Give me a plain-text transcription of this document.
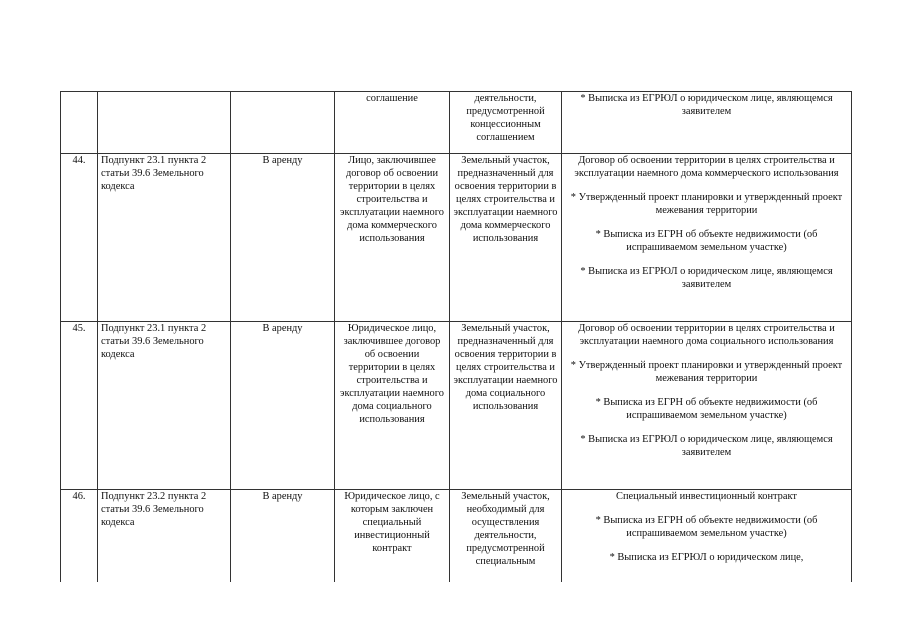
			соглашение	деятельности, предусмотренной концессионным соглашением	* Выписка из ЕГРЮЛ о юридическом лице, являющемся заявителем

44.	Подпункт 23.1 пункта 2 статьи 39.6 Земельного кодекса	В аренду	Лицо, заключившее договор об освоении территории в целях строительства и эксплуатации наемного дома коммерческого использования	Земельный участок, предназначенный для освоения территории в целях строительства и эксплуатации наемного дома коммерческого использования	Договор об освоении территории в целях строительства и эксплуатации наемного дома коммерческого использования

* Утвержденный проект планировки и утвержденный проект межевания территории

* Выписка из ЕГРН об объекте недвижимости (об испрашиваемом земельном участке)

* Выписка из ЕГРЮЛ о юридическом лице, являющемся заявителем

45.	Подпункт 23.1 пункта 2 статьи 39.6 Земельного кодекса	В аренду	Юридическое лицо, заключившее договор об освоении территории в целях строительства и эксплуатации наемного дома социального использования	Земельный участок, предназначенный для освоения территории в целях строительства и эксплуатации наемного дома социального использования	Договор об освоении территории в целях строительства и эксплуатации наемного дома социального использования

* Утвержденный проект планировки и утвержденный проект межевания территории

* Выписка из ЕГРН об объекте недвижимости (об испрашиваемом земельном участке)

* Выписка из ЕГРЮЛ о юридическом лице, являющемся заявителем

46.	Подпункт 23.2 пункта 2 статьи 39.6 Земельного кодекса	В аренду	Юридическое лицо, с которым заключен специальный инвестиционный контракт	Земельный участок, необходимый для осуществления деятельности, предусмотренной специальным	Специальный инвестиционный контракт

* Выписка из ЕГРН об объекте недвижимости (об испрашиваемом земельном участке)

* Выписка из ЕГРЮЛ о юридическом лице,
